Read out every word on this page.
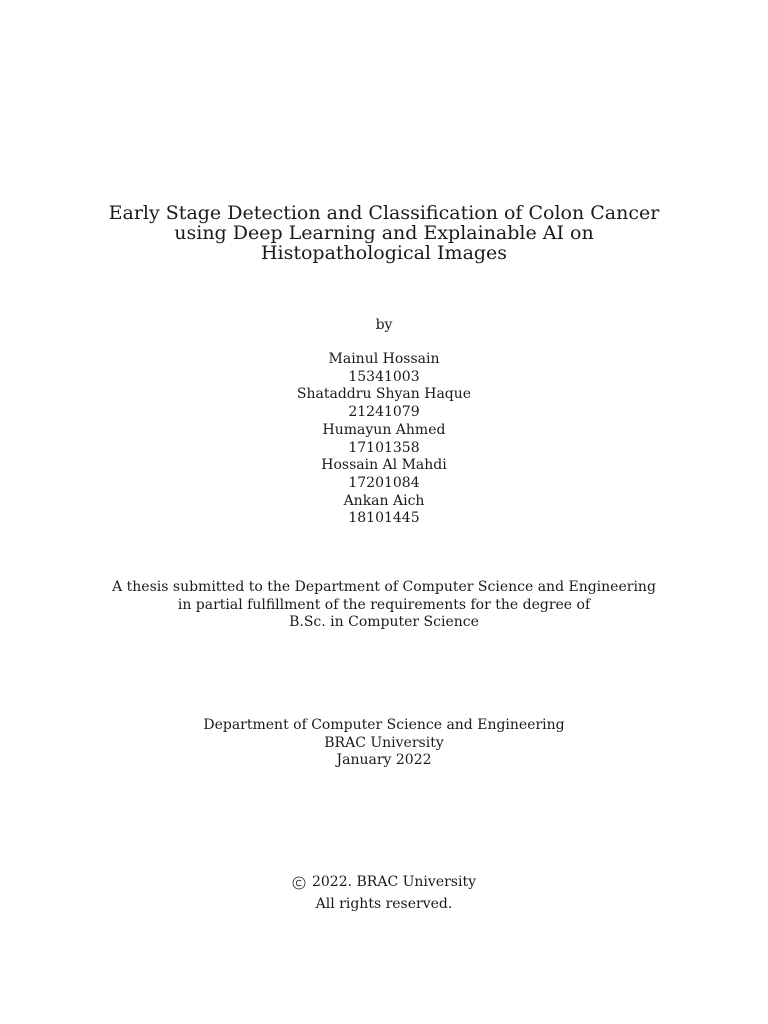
Early Stage Detection and Classification of Colon Cancer
using Deep Learning and Explainable AI on
Histopathological Images
by
Mainul Hossain
15341003
Shataddru Shyan Haque
21241079
Humayun Ahmed
17101358
Hossain Al Mahdi
17201084
Ankan Aich
18101445
A thesis submitted to the Department of Computer Science and Engineering
in partial fulfillment of the requirements for the degree of
B.Sc. in Computer Science
Department of Computer Science and Engineering
BRAC University
January 2022
2022. BRAC University
All rights reserved.
